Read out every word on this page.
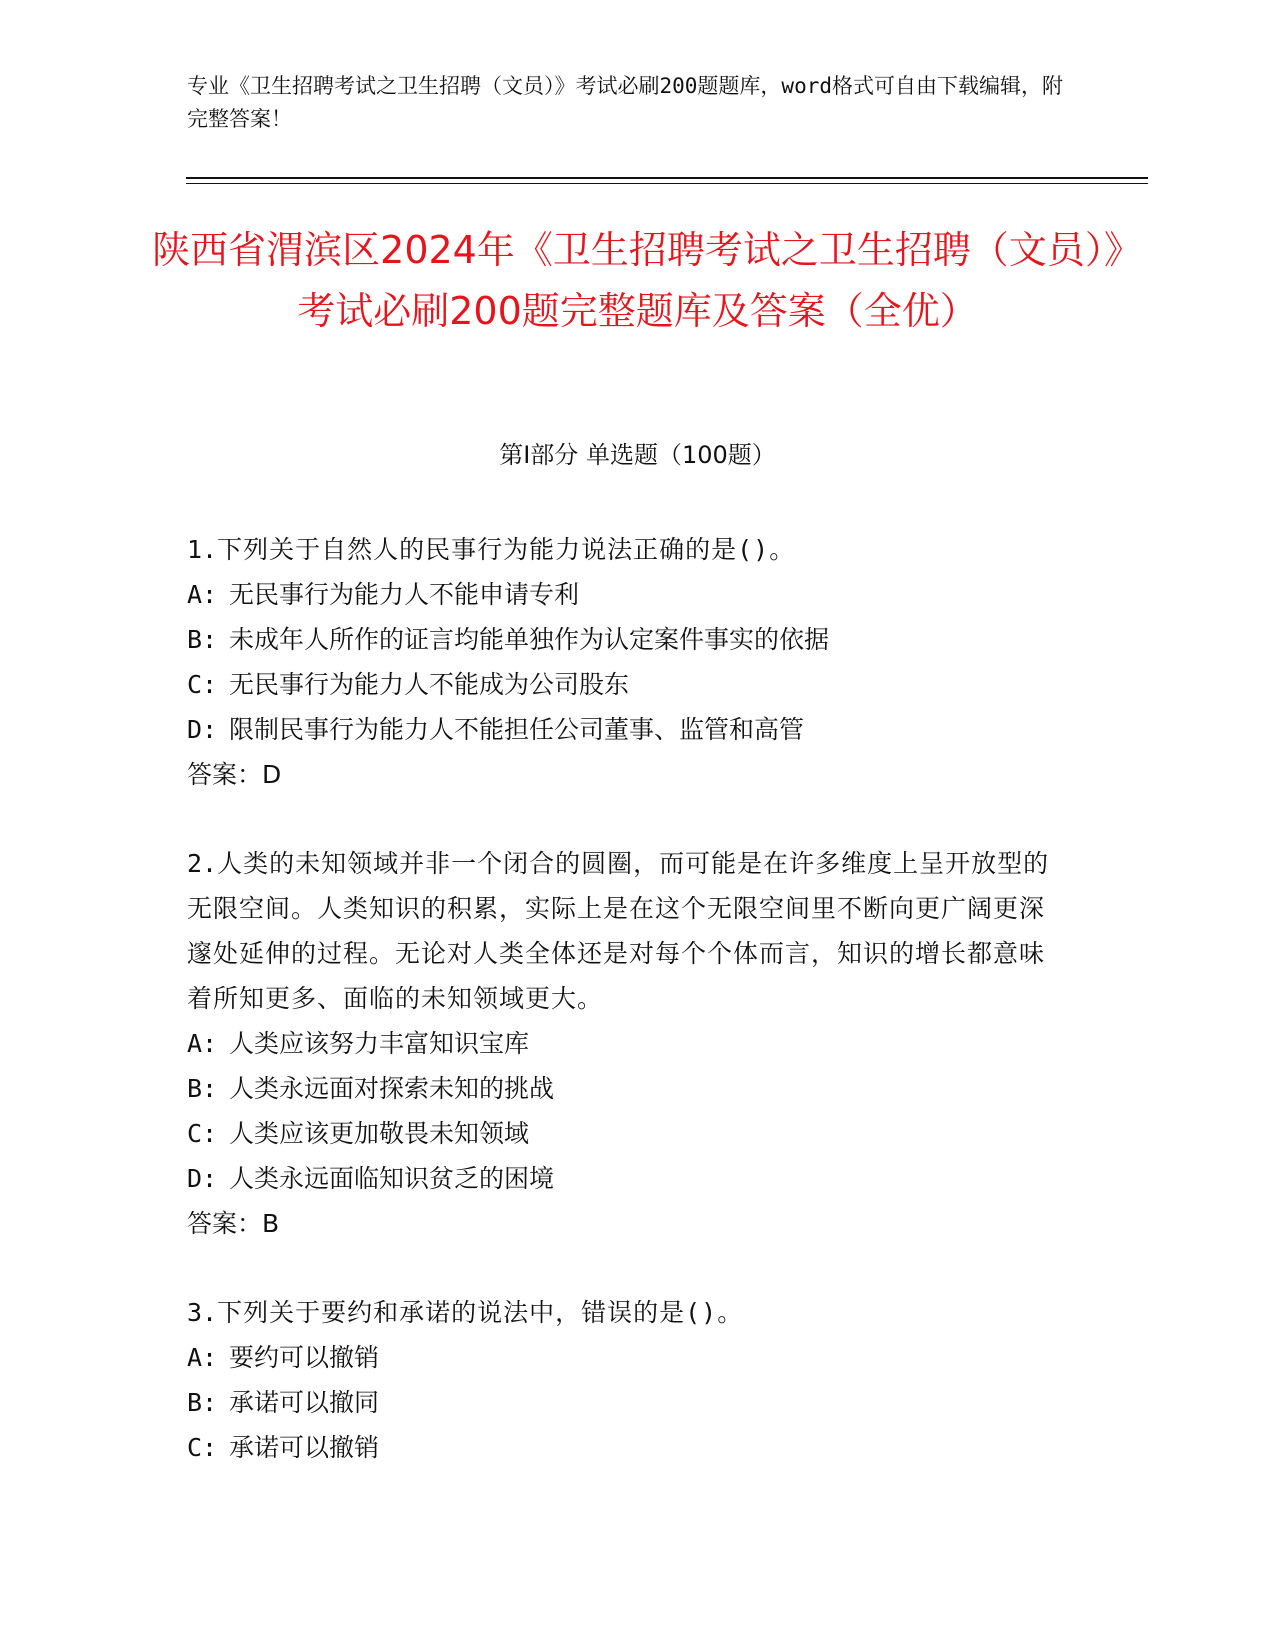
专业《卫生招聘考试之卫生招聘（文员）》考试必刷200题题库，word格式可自由下载编辑，附完整答案！
陕西省渭滨区2024年《卫生招聘考试之卫生招聘（文员）》考试必刷200题完整题库及答案（全优）
第Ⅰ部分 单选题（100题）
1.下列关于自然人的民事行为能力说法正确的是()。
A: 无民事行为能力人不能申请专利
B: 未成年人所作的证言均能单独作为认定案件事实的依据
C: 无民事行为能力人不能成为公司股东
D: 限制民事行为能力人不能担任公司董事、监管和高管
答案：D
2.人类的未知领域并非一个闭合的圆圈，而可能是在许多维度上呈开放型的无限空间。人类知识的积累，实际上是在这个无限空间里不断向更广阔更深邃处延伸的过程。无论对人类全体还是对每个个体而言，知识的增长都意味着所知更多、面临的未知领域更大。
A: 人类应该努力丰富知识宝库
B: 人类永远面对探索未知的挑战
C: 人类应该更加敬畏未知领域
D: 人类永远面临知识贫乏的困境
答案：B
3.下列关于要约和承诺的说法中，错误的是()。
A: 要约可以撤销
B: 承诺可以撤同
C: 承诺可以撤销
